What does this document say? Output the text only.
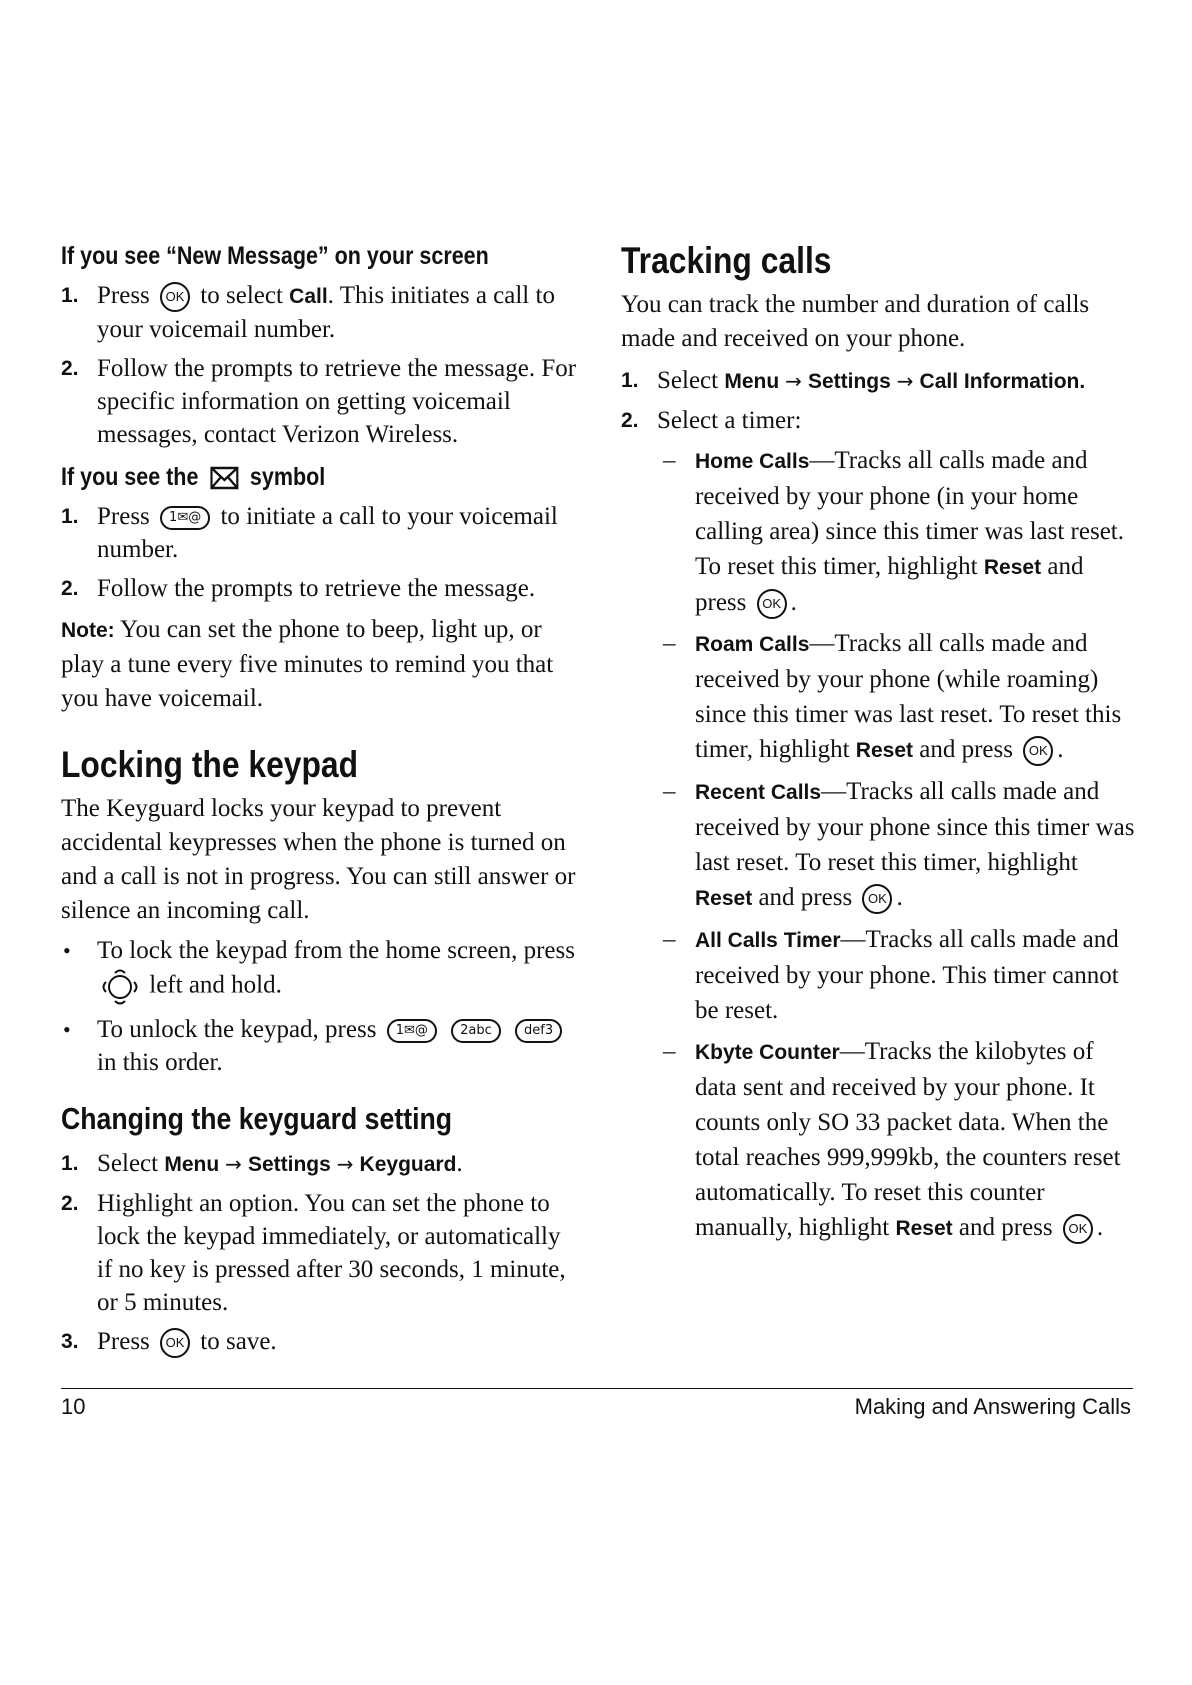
If you see “New Message” on your screen
1. Press OK to select Call. This initiates a call to your voicemail number.
2. Follow the prompts to retrieve the message. For specific information on getting voicemail messages, contact Verizon Wireless.
If you see the symbol
1. Press 1✉@ to initiate a call to your voicemail number.
2. Follow the prompts to retrieve the message.

Note: You can set the phone to beep, light up, or play a tune every five minutes to remind you that you have voicemail.

Locking the keypad

The Keyguard locks your keypad to prevent accidental keypresses when the phone is turned on and a call is not in progress. You can still answer or silence an incoming call.

• To lock the keypad from the home screen, press  left and hold.
• To unlock the keypad, press 1✉@ 2abc def3 in this order.
Changing the keyguard setting
1. Select Menu → Settings → Keyguard.
2. Highlight an option. You can set the phone to lock the keypad immediately, or automatically if no key is pressed after 30 seconds, 1 minute, or 5 minutes.
3. Press OK to save.
Tracking calls

You can track the number and duration of calls made and received on your phone.

1. Select Menu → Settings → Call Information.
2. Select a timer:
– Home Calls—Tracks all calls made and received by your phone (in your home calling area) since this timer was last reset. To reset this timer, highlight Reset and press OK .
– Roam Calls—Tracks all calls made and received by your phone (while roaming) since this timer was last reset. To reset this timer, highlight Reset and press OK .
– Recent Calls—Tracks all calls made and received by your phone since this timer was last reset. To reset this timer, highlight Reset and press OK .
– All Calls Timer—Tracks all calls made and received by your phone. This timer cannot be reset.
– Kbyte Counter—Tracks the kilobytes of data sent and received by your phone. It counts only SO 33 packet data. When the total reaches 999,999kb, the counters reset automatically. To reset this counter manually, highlight Reset and press OK .
10	Making and Answering Calls
